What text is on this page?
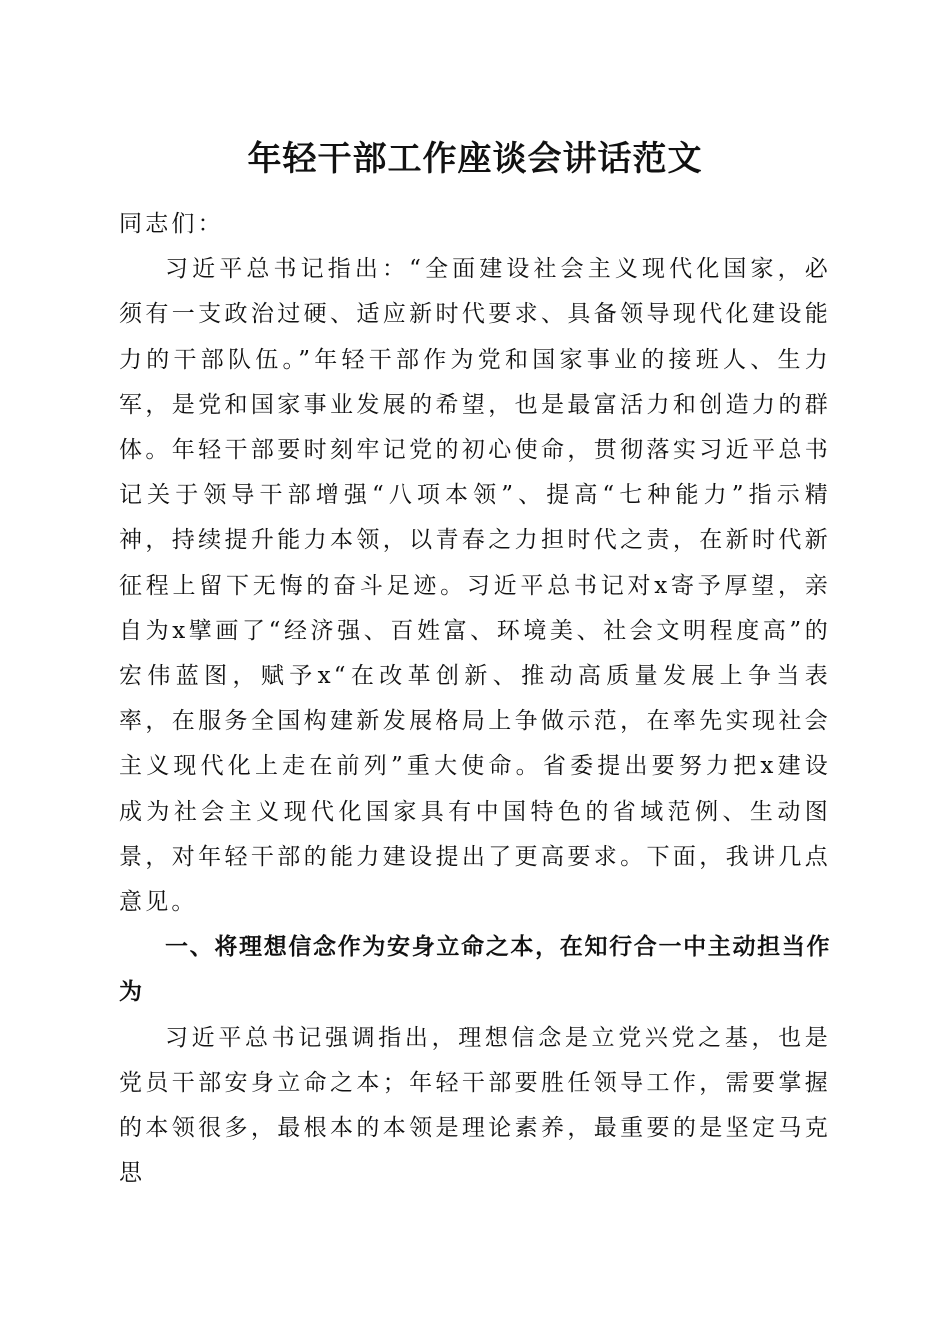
年轻干部工作座谈会讲话范文

同志们：

习近平总书记指出：“全面建设社会主义现代化国家，必须有一支政治过硬、适应新时代要求、具备领导现代化建设能力的干部队伍。”年轻干部作为党和国家事业的接班人、生力军，是党和国家事业发展的希望，也是最富活力和创造力的群体。年轻干部要时刻牢记党的初心使命，贯彻落实习近平总书记关于领导干部增强“八项本领”、提高“七种能力”指示精神，持续提升能力本领，以青春之力担时代之责，在新时代新征程上留下无悔的奋斗足迹。习近平总书记对x寄予厚望，亲自为x擘画了“经济强、百姓富、环境美、社会文明程度高”的宏伟蓝图，赋予x“在改革创新、推动高质量发展上争当表率，在服务全国构建新发展格局上争做示范，在率先实现社会主义现代化上走在前列”重大使命。省委提出要努力把x建设成为社会主义现代化国家具有中国特色的省域范例、生动图景，对年轻干部的能力建设提出了更高要求。下面，我讲几点意见。

一、将理想信念作为安身立命之本，在知行合一中主动担当作为

习近平总书记强调指出，理想信念是立党兴党之基，也是党员干部安身立命之本；年轻干部要胜任领导工作，需要掌握的本领很多，最根本的本领是理论素养，最重要的是坚定马克思
